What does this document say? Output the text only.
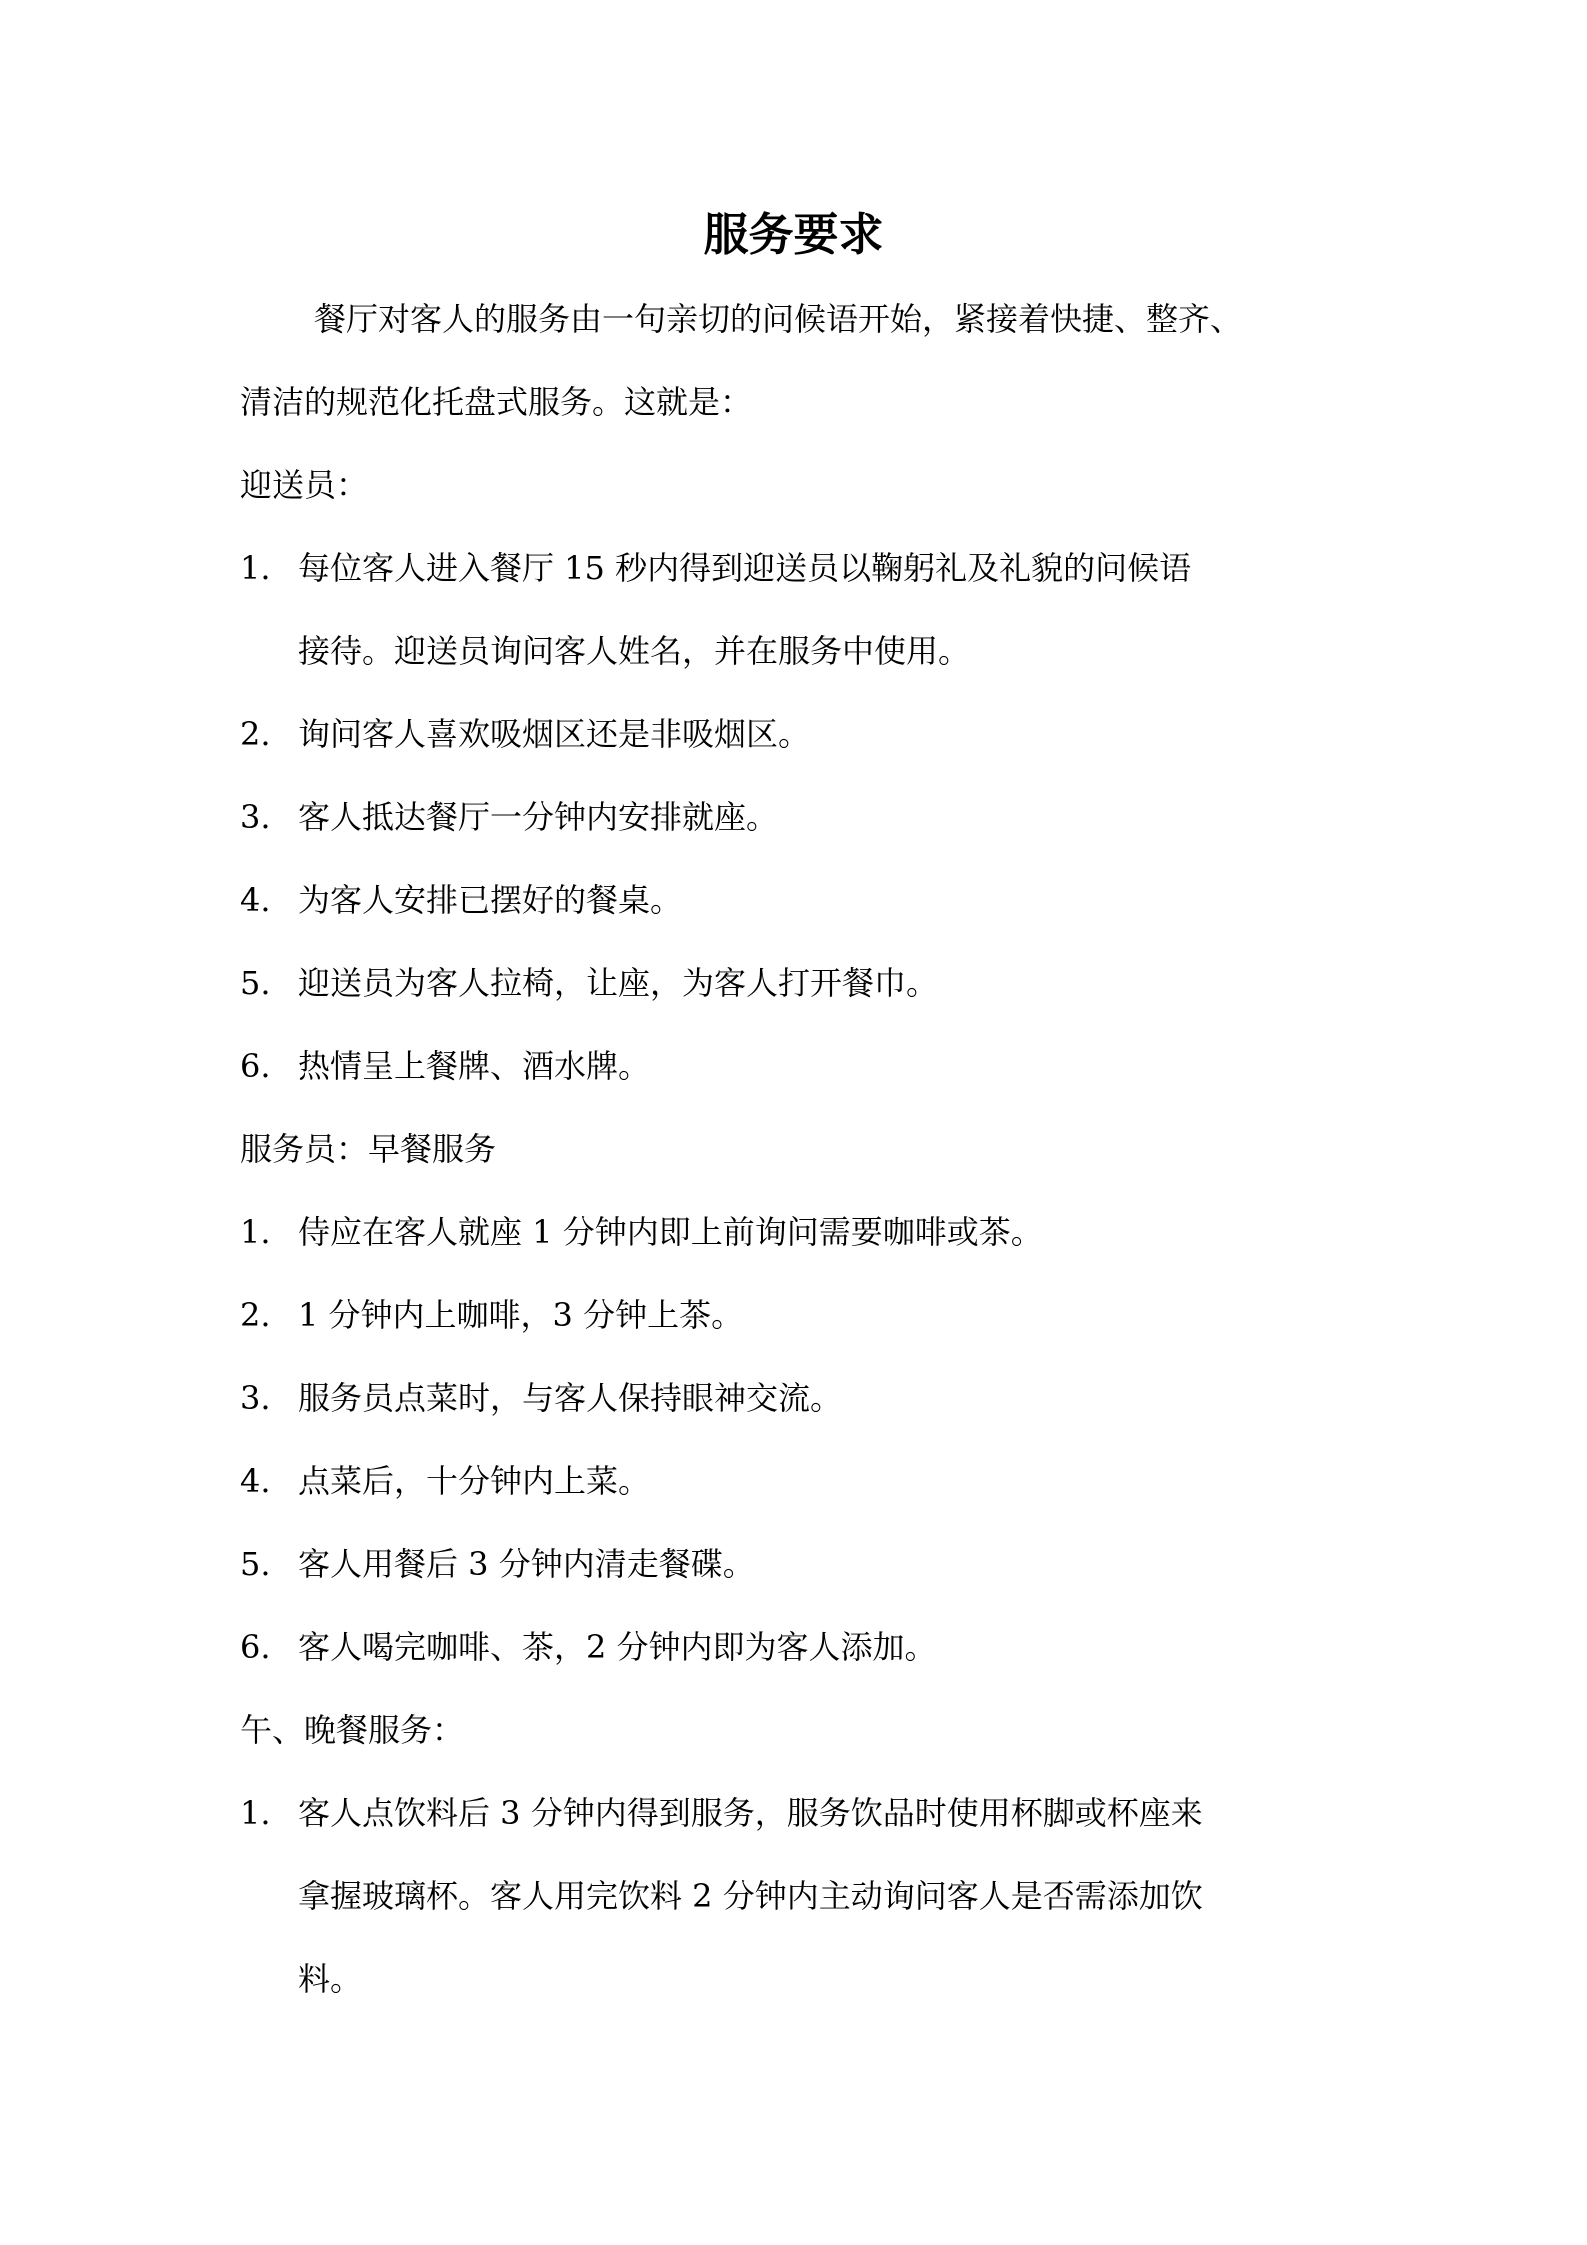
服务要求

餐厅对客人的服务由一句亲切的问候语开始，紧接着快捷、整齐、

清洁的规范化托盘式服务。这就是：

迎送员：

1. 每位客人进入餐厅 15 秒内得到迎送员以鞠躬礼及礼貌的问候语
接待。迎送员询问客人姓名，并在服务中使用。
2. 询问客人喜欢吸烟区还是非吸烟区。
3. 客人抵达餐厅一分钟内安排就座。
4. 为客人安排已摆好的餐桌。
5. 迎送员为客人拉椅，让座，为客人打开餐巾。
6. 热情呈上餐牌、酒水牌。

服务员：早餐服务

1. 侍应在客人就座 1 分钟内即上前询问需要咖啡或茶。
2. 1 分钟内上咖啡，3 分钟上茶。
3. 服务员点菜时，与客人保持眼神交流。
4. 点菜后，十分钟内上菜。
5. 客人用餐后 3 分钟内清走餐碟。
6. 客人喝完咖啡、茶，2 分钟内即为客人添加。

午、晚餐服务：

1. 客人点饮料后 3 分钟内得到服务，服务饮品时使用杯脚或杯座来
拿握玻璃杯。客人用完饮料 2 分钟内主动询问客人是否需添加饮
料。
